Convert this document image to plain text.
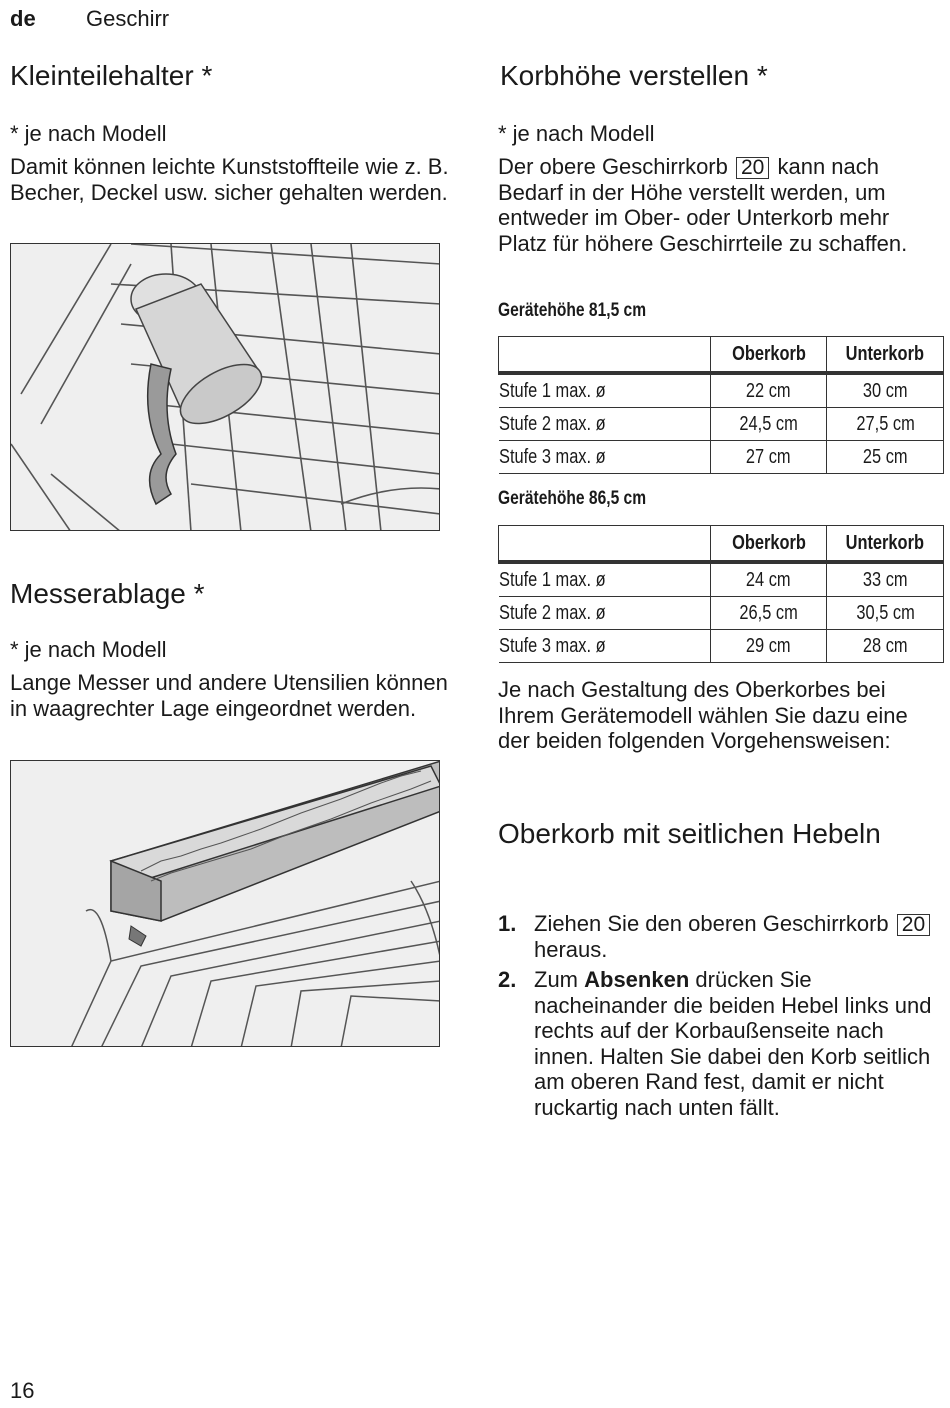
de Geschirr
Kleinteilehalter *

* je nach Modell

Damit können leichte Kunststoffteile wie z. B. Becher, Deckel usw. sicher gehalten werden.

Messerablage *

* je nach Modell

Lange Messer und andere Utensilien können in waagrechter Lage eingeordnet werden.

Korbhöhe verstellen *

* je nach Modell

Der obere Geschirrkorb 20 kann nach Bedarf in der Höhe verstellt werden, um entweder im Ober- oder Unterkorb mehr Platz für höhere Geschirrteile zu schaffen.

Gerätehöhe 81,5 cm
	Oberkorb	Unterkorb
Stufe 1 max. ø	22 cm	30 cm
Stufe 2 max. ø	24,5 cm	27,5 cm
Stufe 3 max. ø	27 cm	25 cm
Gerätehöhe 86,5 cm
	Oberkorb	Unterkorb
Stufe 1 max. ø	24 cm	33 cm
Stufe 2 max. ø	26,5 cm	30,5 cm
Stufe 3 max. ø	29 cm	28 cm

Je nach Gestaltung des Oberkorbes bei Ihrem Gerätemodell wählen Sie dazu eine der beiden folgenden Vorgehensweisen:

Oberkorb mit seitlichen Hebeln
1. Ziehen Sie den oberen Geschirrkorb 20 heraus.
2. Zum Absenken drücken Sie nacheinander die beiden Hebel links und rechts auf der Korbaußenseite nach innen. Halten Sie dabei den Korb seitlich am oberen Rand fest, damit er nicht ruckartig nach unten fällt.
16
